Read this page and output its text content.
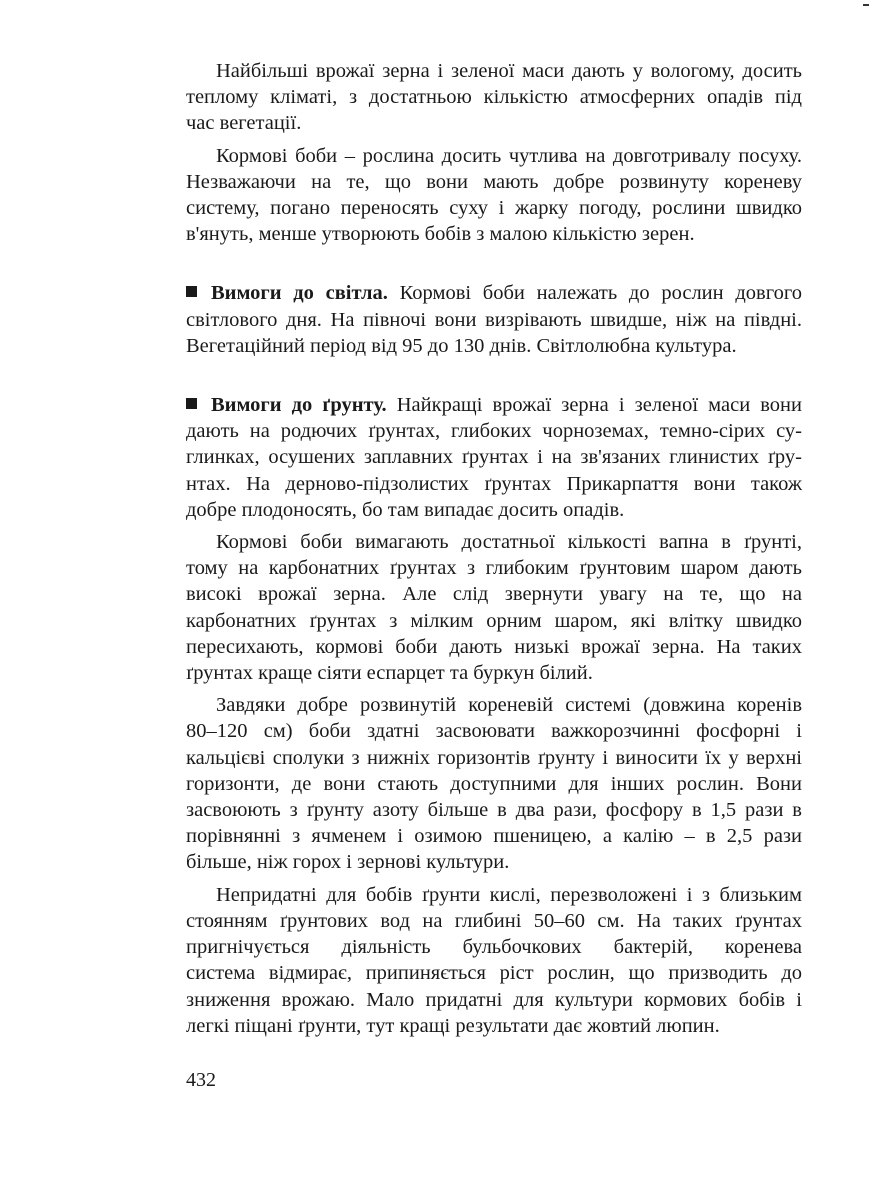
Найбільші врожаї зерна і зеленої маси дають у вологому, досить
теплому кліматі, з достатньою кількістю атмосферних опадів під
час вегетації.
Кормові боби – рослина досить чутлива на довготривалу посуху.
Незважаючи на те, що вони мають добре розвинуту кореневу
систему, погано переносять суху і жарку погоду, рослини швидко
в'януть, менше утворюють бобів з малою кількістю зерен.
Вимоги до світла. Кормові боби належать до рослин довгого
світлового дня. На півночі вони визрівають швидше, ніж на півдні.
Вегетаційний період від 95 до 130 днів. Світлолюбна культура.
Вимоги до ґрунту. Найкращі врожаї зерна і зеленої маси вони
дають на родючих ґрунтах, глибоких чорноземах, темно-сірих су-
глинках, осушених заплавних ґрунтах і на зв'язаних глинистих ґру-
нтах. На дерново-підзолистих ґрунтах Прикарпаття вони також
добре плодоносять, бо там випадає досить опадів.
Кормові боби вимагають достатньої кількості вапна в ґрунті,
тому на карбонатних ґрунтах з глибоким ґрунтовим шаром дають
високі врожаї зерна. Але слід звернути увагу на те, що на
карбонатних ґрунтах з мілким орним шаром, які влітку швидко
пересихають, кормові боби дають низькі врожаї зерна. На таких
ґрунтах краще сіяти еспарцет та буркун білий.
Завдяки добре розвинутій кореневій системі (довжина коренів
80–120 см) боби здатні засвоювати важкорозчинні фосфорні і
кальцієві сполуки з нижніх горизонтів ґрунту і виносити їх у верхні
горизонти, де вони стають доступними для інших рослин. Вони
засвоюють з ґрунту азоту більше в два рази, фосфору в 1,5 рази в
порівнянні з ячменем і озимою пшеницею, а калію – в 2,5 рази
більше, ніж горох і зернові культури.
Непридатні для бобів ґрунти кислі, перезволожені і з близьким
стоянням ґрунтових вод на глибині 50–60 см. На таких ґрунтах
пригнічується діяльність бульбочкових бактерій, коренева
система відмирає, припиняється ріст рослин, що призводить до
зниження врожаю. Мало придатні для культури кормових бобів і
легкі піщані ґрунти, тут кращі результати дає жовтий люпин.
432
